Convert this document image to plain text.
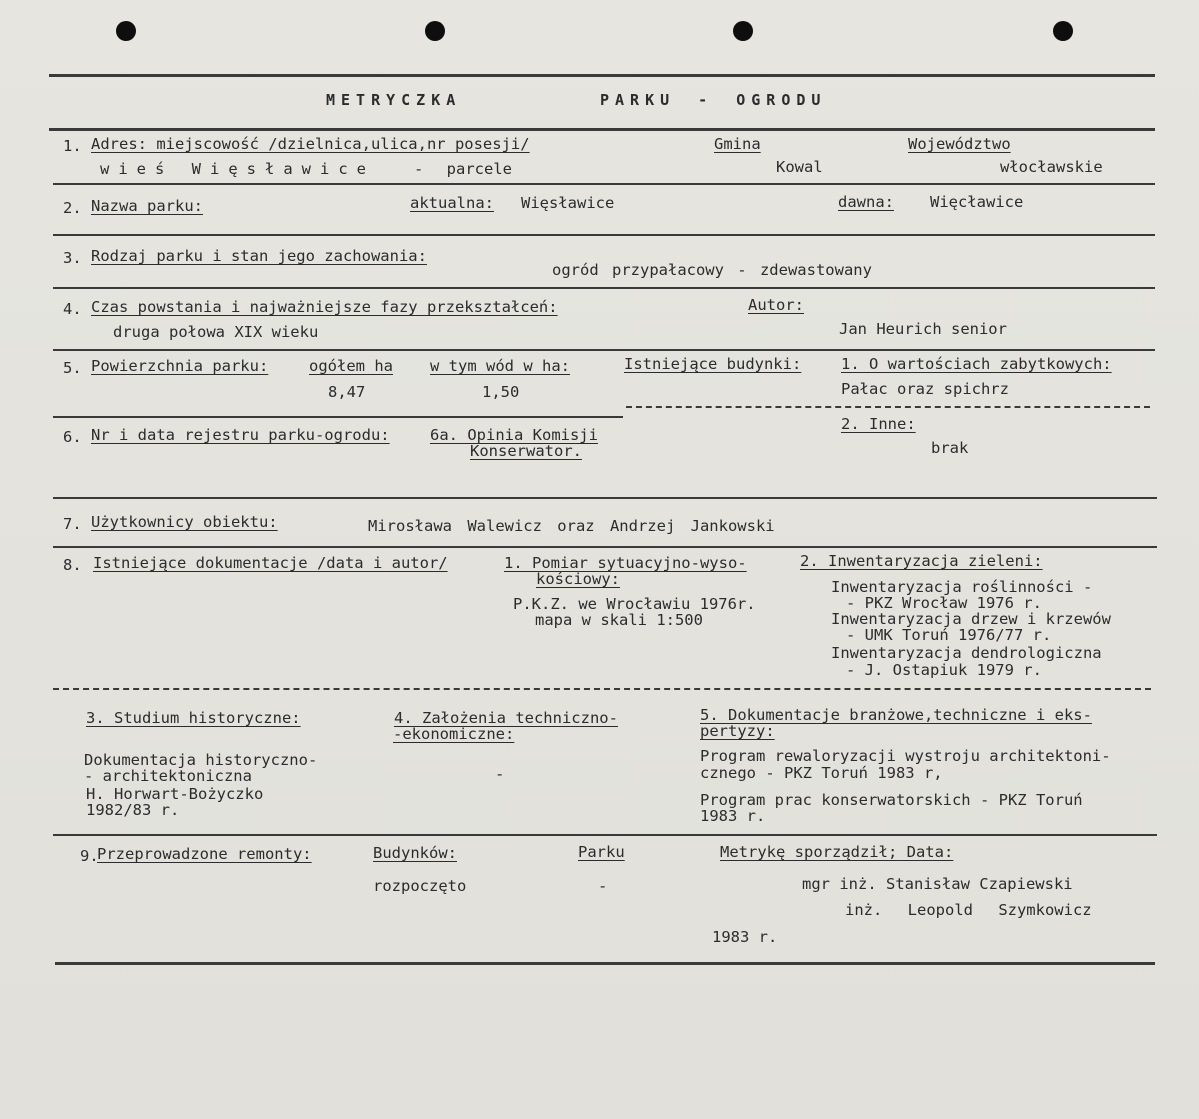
METRYCZKA	PARKU - OGRODU
1. Adres: miejscowość /dzielnica,ulica,nr posesji/
wieś Więsławice	- parcele
Gmina
Kowal
Województwo
włocławskie
2. Nazwa parku:	aktualna: Więsławice	dawna: Więcławice
3. Rodzaj parku i stan jego zachowania:
ogród przypałacowy - zdewastowany
4. Czas powstania i najważniejsze fazy przekształceń:
druga połowa XIX wieku
Autor:
Jan Heurich senior
5. Powierzchnia parku:	ogółem ha
8,47
w tym wód w ha:
1,50
Istniejące budynki:	1. O wartościach zabytkowych:
Pałac oraz spichrz
2. Inne:
brak
6. Nr i data rejestru parku-ogrodu:	6a. Opinia Komisji
Konserwator.
7. Użytkownicy obiektu:	Mirosława Walewicz oraz Andrzej Jankowski
8. Istniejące dokumentacje /data i autor/	1. Pomiar sytuacyjno-wyso-
kościowy:
P.K.Z. we Wrocławiu 1976r.
mapa w skali 1:500
2. Inwentaryzacja zieleni:
Inwentaryzacja roślinności -
- PKZ Wrocław 1976 r.
Inwentaryzacja drzew i krzewów
- UMK Toruń 1976/77 r.
Inwentaryzacja dendrologiczna
- J. Ostapiuk 1979 r.
3. Studium historyczne:
Dokumentacja historyczno-
- architektoniczna
H. Horwart-Bożyczko
1982/83 r.
4. Założenia techniczno-
-ekonomiczne:
-
5. Dokumentacje branżowe,techniczne i eks-
pertyzy:
Program rewaloryzacji wystroju architektoni-
cznego - PKZ Toruń 1983 r,
Program prac konserwatorskich - PKZ Toruń
1983 r.
9.
Przeprowadzone remonty:	Budynków:
rozpoczęto
Parku
-
Metrykę sporządził; Data:
mgr inż. Stanisław Czapiewski
inż. Leopold Szymkowicz
1983 r.
